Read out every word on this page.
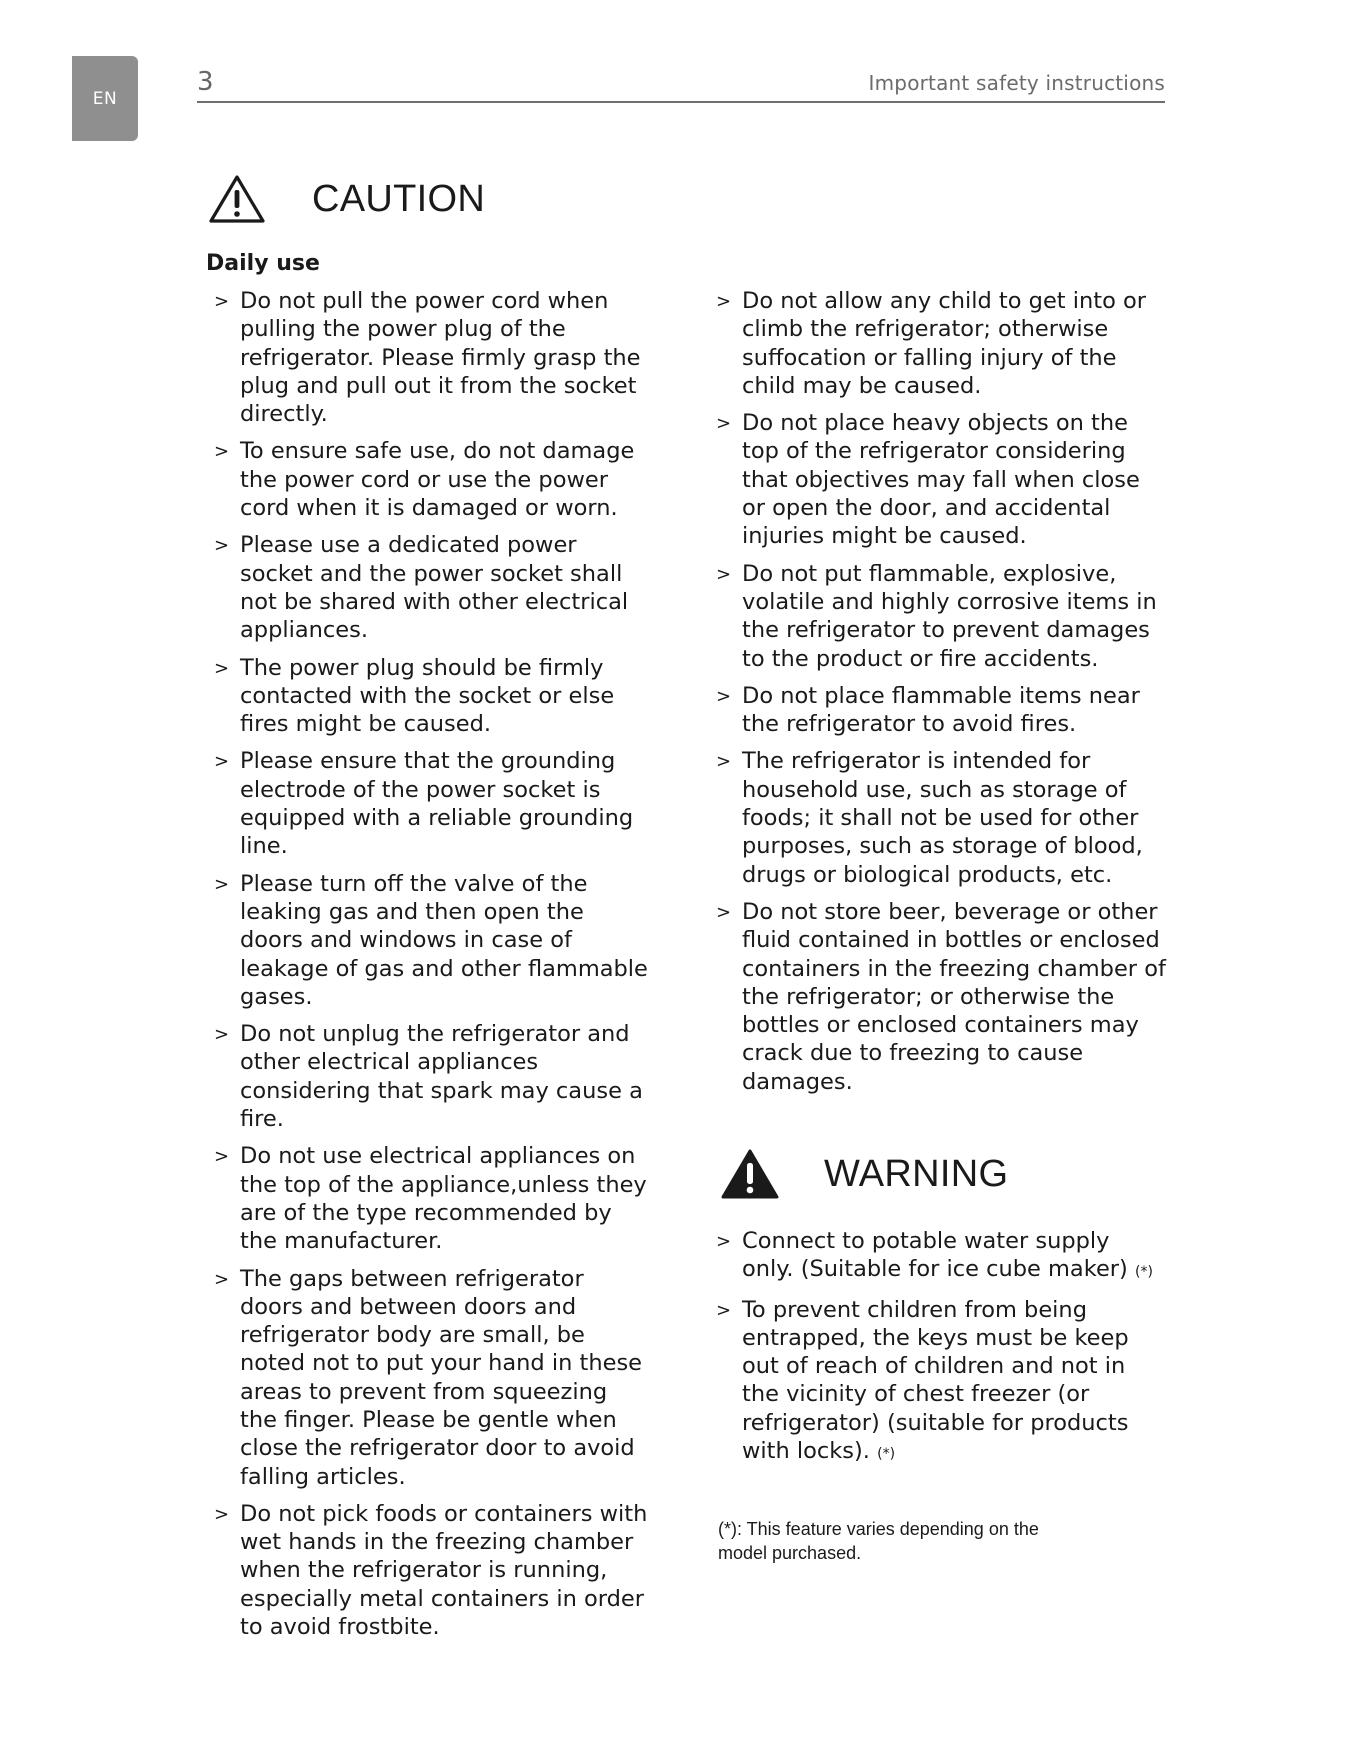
EN
3	Important safety instructions
CAUTION
Daily use
> Do not pull the power cord when pulling the power plug of the refrigerator. Please firmly grasp the plug and pull out it from the socket directly.
> To ensure safe use, do not damage the power cord or use the power cord when it is damaged or worn.
> Please use a dedicated power socket and the power socket shall not be shared with other electrical appliances.
> The power plug should be firmly contacted with the socket or else fires might be caused.
> Please ensure that the grounding electrode of the power socket is equipped with a reliable grounding line.
> Please turn off the valve of the leaking gas and then open the doors and windows in case of leakage of gas and other flammable gases.
> Do not unplug the refrigerator and other electrical appliances considering that spark may cause a fire.
> Do not use electrical appliances on the top of the appliance,unless they are of the type recommended by the manufacturer.
> The gaps between refrigerator doors and between doors and refrigerator body are small, be noted not to put your hand in these areas to prevent from squeezing the finger. Please be gentle when close the refrigerator door to avoid falling articles.
> Do not pick foods or containers with wet hands in the freezing chamber when the refrigerator is running, especially metal containers in order to avoid frostbite.
> Do not allow any child to get into or climb the refrigerator; otherwise suffocation or falling injury of the child may be caused.
> Do not place heavy objects on the top of the refrigerator considering that objectives may fall when close or open the door, and accidental injuries might be caused.
> Do not put flammable, explosive, volatile and highly corrosive items in the refrigerator to prevent damages to the product or fire accidents.
> Do not place flammable items near the refrigerator to avoid fires.
> The refrigerator is intended for household use, such as storage of foods; it shall not be used for other purposes, such as storage of blood, drugs or biological products, etc.
> Do not store beer, beverage or other fluid contained in bottles or enclosed containers in the freezing chamber of the refrigerator; or otherwise the bottles or enclosed containers may crack due to freezing to cause damages.
WARNING
> Connect to potable water supply only. (Suitable for ice cube maker) (*)
> To prevent children from being entrapped, the keys must be keep out of reach of children and not in the vicinity of chest freezer (or refrigerator) (suitable for products with locks). (*)
(*): This feature varies depending on the model purchased.
